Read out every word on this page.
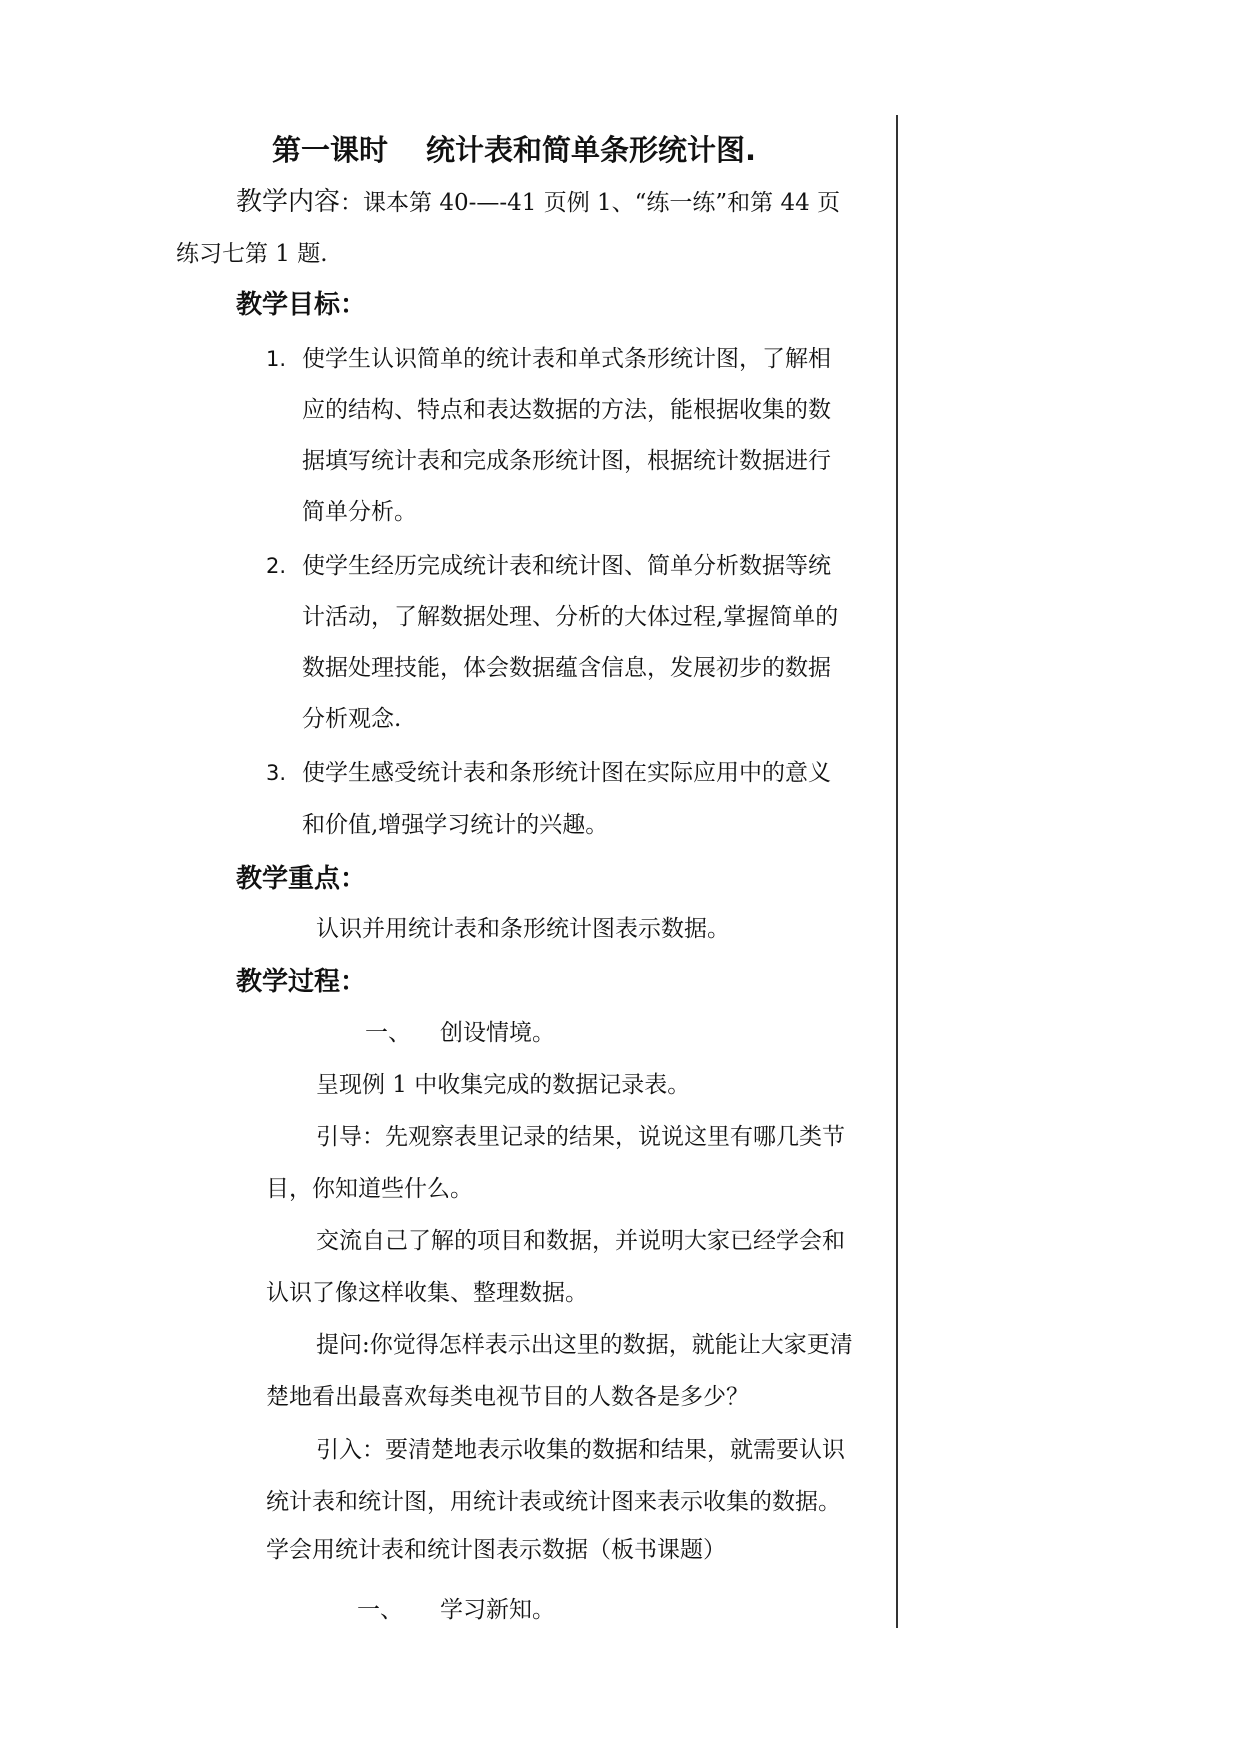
第一课时 统计表和简单条形统计图.
教学内容：课本第 40-—-41 页例 1、“练一练”和第 44 页
练习七第 1 题.
教学目标：
1. 使学生认识简单的统计表和单式条形统计图，了解相
应的结构、特点和表达数据的方法，能根据收集的数
据填写统计表和完成条形统计图，根据统计数据进行
简单分析。
2. 使学生经历完成统计表和统计图、简单分析数据等统
计活动，了解数据处理、分析的大体过程,掌握简单的
数据处理技能，体会数据蕴含信息，发展初步的数据
分析观念.
3. 使学生感受统计表和条形统计图在实际应用中的意义
和价值,增强学习统计的兴趣。
教学重点：
认识并用统计表和条形统计图表示数据。
教学过程：
一、 创设情境。
呈现例 1 中收集完成的数据记录表。
引导：先观察表里记录的结果，说说这里有哪几类节
目，你知道些什么。
交流自己了解的项目和数据，并说明大家已经学会和
认识了像这样收集、整理数据。
提问:你觉得怎样表示出这里的数据，就能让大家更清
楚地看出最喜欢每类电视节目的人数各是多少？
引入：要清楚地表示收集的数据和结果，就需要认识
统计表和统计图，用统计表或统计图来表示收集的数据。
学会用统计表和统计图表示数据（板书课题）
一、 学习新知。
